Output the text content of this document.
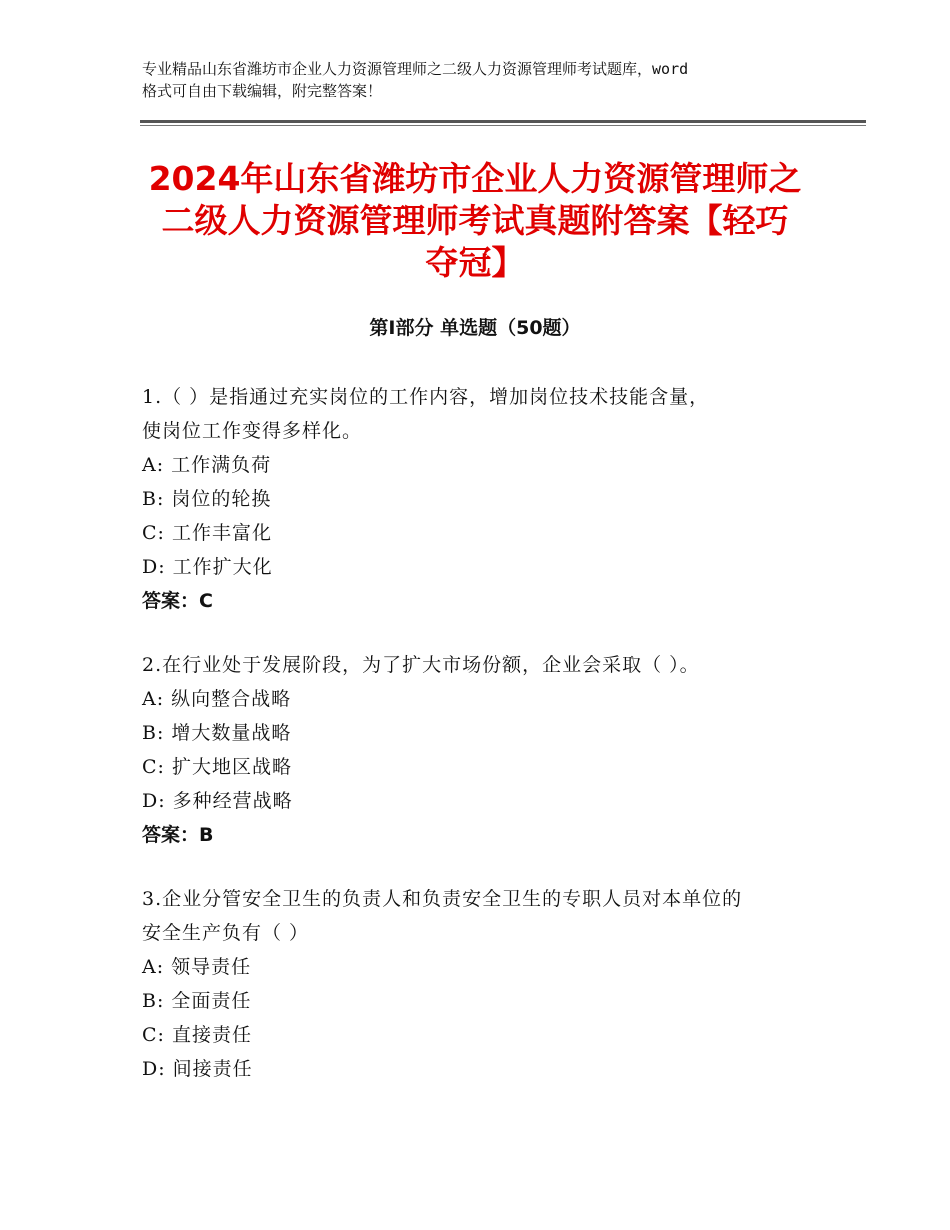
专业精品山东省潍坊市企业人力资源管理师之二级人力资源管理师考试题库，word
格式可自由下载编辑，附完整答案！
2024年山东省潍坊市企业人力资源管理师之
二级人力资源管理师考试真题附答案【轻巧
夺冠】
第Ⅰ部分 单选题（50题）
1.（ ）是指通过充实岗位的工作内容，增加岗位技术技能含量，
使岗位工作变得多样化。
A: 工作满负荷
B: 岗位的轮换
C: 工作丰富化
D: 工作扩大化
答案：C
2.在行业处于发展阶段，为了扩大市场份额，企业会采取（ ）。
A: 纵向整合战略
B: 增大数量战略
C: 扩大地区战略
D: 多种经营战略
答案：B
3.企业分管安全卫生的负责人和负责安全卫生的专职人员对本单位的
安全生产负有（ ）
A: 领导责任
B: 全面责任
C: 直接责任
D: 间接责任
